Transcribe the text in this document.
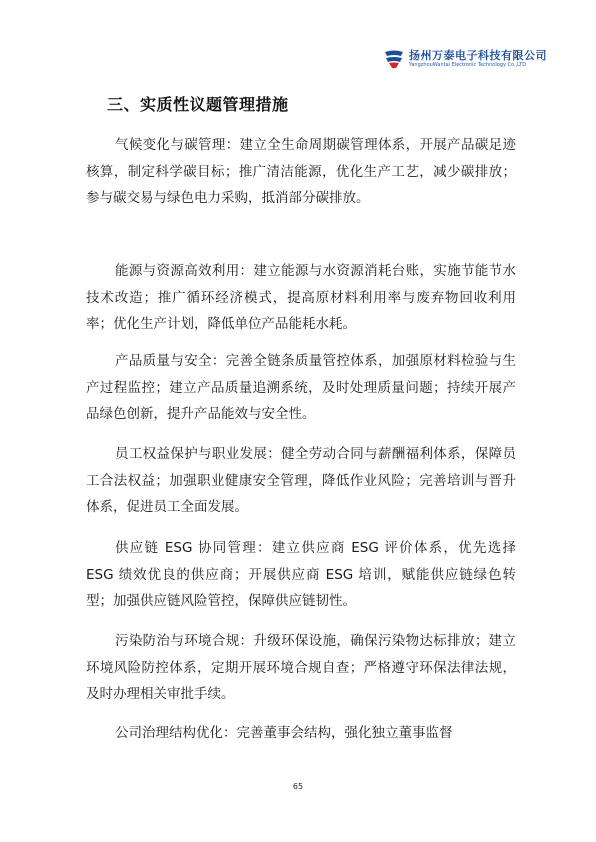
扬州万泰电子科技有限公司
YangzhouWantai Electronic Technology Co.,LTD
三、实质性议题管理措施

气候变化与碳管理：建立全生命周期碳管理体系，开展产品碳足迹核算，制定科学碳目标；推广清洁能源，优化生产工艺，减少碳排放；参与碳交易与绿色电力采购，抵消部分碳排放。

能源与资源高效利用：建立能源与水资源消耗台账，实施节能节水技术改造；推广循环经济模式，提高原材料利用率与废弃物回收利用率；优化生产计划，降低单位产品能耗水耗。

产品质量与安全：完善全链条质量管控体系，加强原材料检验与生产过程监控；建立产品质量追溯系统，及时处理质量问题；持续开展产品绿色创新，提升产品能效与安全性。

员工权益保护与职业发展：健全劳动合同与薪酬福利体系，保障员工合法权益；加强职业健康安全管理，降低作业风险；完善培训与晋升体系，促进员工全面发展。

供应链 ESG 协同管理：建立供应商 ESG 评价体系，优先选择 ESG 绩效优良的供应商；开展供应商 ESG 培训，赋能供应链绿色转型；加强供应链风险管控，保障供应链韧性。

污染防治与环境合规：升级环保设施，确保污染物达标排放；建立环境风险防控体系，定期开展环境合规自查；严格遵守环保法律法规，及时办理相关审批手续。

公司治理结构优化：完善董事会结构，强化独立董事监督

65
